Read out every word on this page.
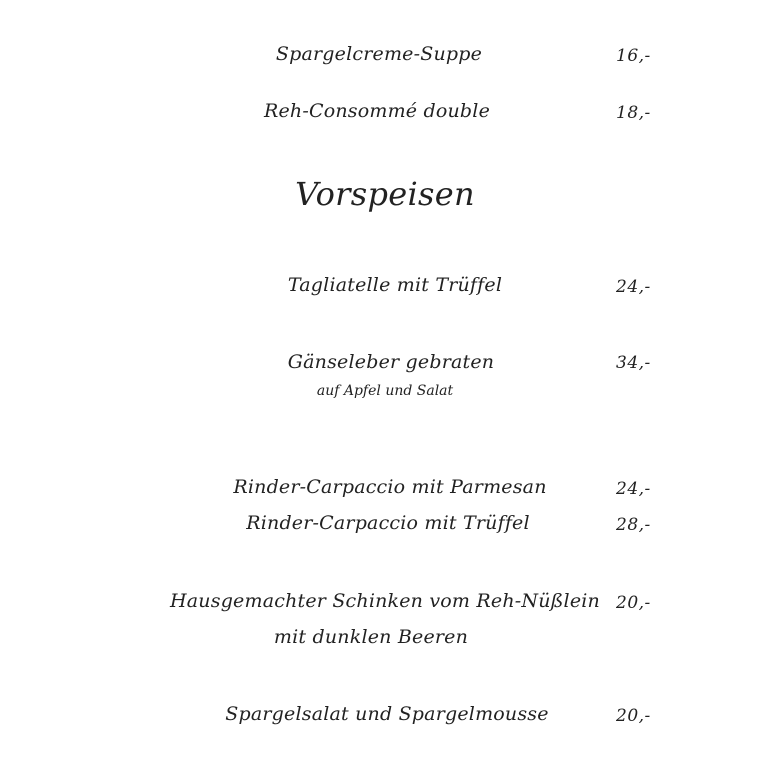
Spargelcreme-Suppe	16,-
Reh-Consommé double	18,-
Vorspeisen
Tagliatelle mit Trüffel	24,-
Gänseleber gebraten	34,-
auf Apfel und Salat
Rinder-Carpaccio mit Parmesan	24,-
Rinder-Carpaccio mit Trüffel	28,-
Hausgemachter Schinken vom Reh-Nüßlein 20,-
mit dunklen Beeren
Spargelsalat und Spargelmousse	20,-
